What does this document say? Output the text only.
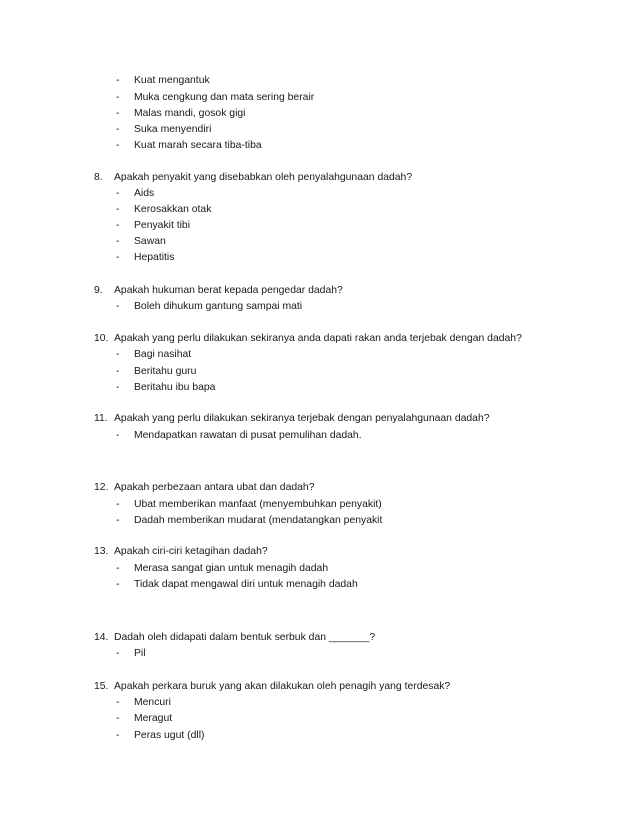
- Kuat mengantuk
- Muka cengkung dan mata sering berair
- Malas mandi, gosok gigi
- Suka menyendiri
- Kuat marah secara tiba-tiba
8. Apakah penyakit yang disebabkan oleh penyalahgunaan dadah?
- Aids
- Kerosakkan otak
- Penyakit tibi
- Sawan
- Hepatitis
9. Apakah hukuman berat kepada pengedar dadah?
- Boleh dihukum gantung sampai mati
10. Apakah yang perlu dilakukan sekiranya anda dapati rakan anda terjebak dengan dadah?
- Bagi nasihat
- Beritahu guru
- Beritahu ibu bapa
11. Apakah yang perlu dilakukan sekiranya terjebak dengan penyalahgunaan dadah?
- Mendapatkan rawatan di pusat pemulihan dadah.
12. Apakah perbezaan antara ubat dan dadah?
- Ubat memberikan manfaat (menyembuhkan penyakit)
- Dadah memberikan mudarat (mendatangkan penyakit
13. Apakah ciri-ciri ketagihan dadah?
- Merasa sangat gian untuk menagih dadah
- Tidak dapat mengawal diri untuk menagih dadah
14. Dadah oleh didapati dalam bentuk serbuk dan _______?
- Pil
15. Apakah perkara buruk yang akan dilakukan oleh penagih yang terdesak?
- Mencuri
- Meragut
- Peras ugut (dll)
